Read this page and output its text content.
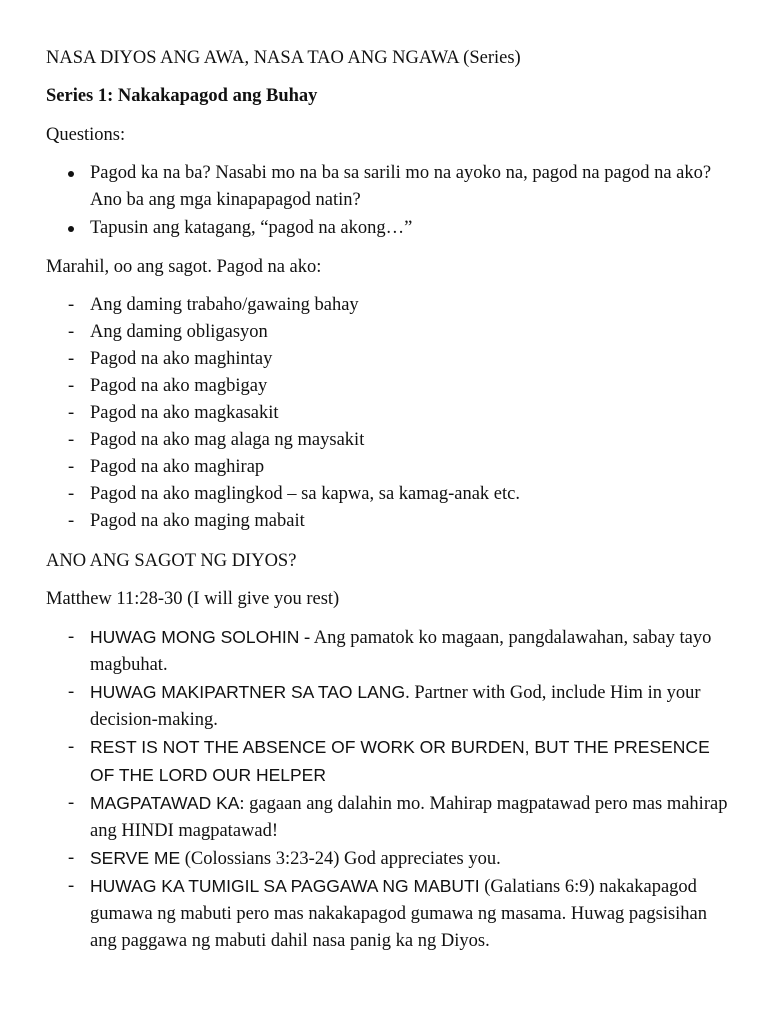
NASA DIYOS ANG AWA, NASA TAO ANG NGAWA (Series)
Series 1: Nakakapagod ang Buhay
Questions:
Pagod ka na ba? Nasabi mo na ba sa sarili mo na ayoko na, pagod na pagod na ako? Ano ba ang mga kinapapagod natin?
Tapusin ang katagang, “pagod na akong…”
Marahil, oo ang sagot. Pagod na ako:
- Ang daming trabaho/gawaing bahay
- Ang daming obligasyon
- Pagod na ako maghintay
- Pagod na ako magbigay
- Pagod na ako magkasakit
- Pagod na ako mag alaga ng maysakit
- Pagod na ako maghirap
- Pagod na ako maglingkod – sa kapwa, sa kamag-anak etc.
- Pagod na ako maging mabait
ANO ANG SAGOT NG DIYOS?
Matthew 11:28-30 (I will give you rest)
- HUWAG MONG SOLOHIN - Ang pamatok ko magaan, pangdalawahan, sabay tayo magbuhat.
- HUWAG MAKIPARTNER SA TAO LANG. Partner with God, include Him in your decision-making.
- REST IS NOT THE ABSENCE OF WORK OR BURDEN, BUT THE PRESENCE OF THE LORD OUR HELPER
- MAGPATAWAD KA: gagaan ang dalahin mo. Mahirap magpatawad pero mas mahirap ang HINDI magpatawad!
- SERVE ME (Colossians 3:23-24) God appreciates you.
- HUWAG KA TUMIGIL SA PAGGAWA NG MABUTI (Galatians 6:9) nakakapagod gumawa ng mabuti pero mas nakakapagod gumawa ng masama. Huwag pagsisihan ang paggawa ng mabuti dahil nasa panig ka ng Diyos.
